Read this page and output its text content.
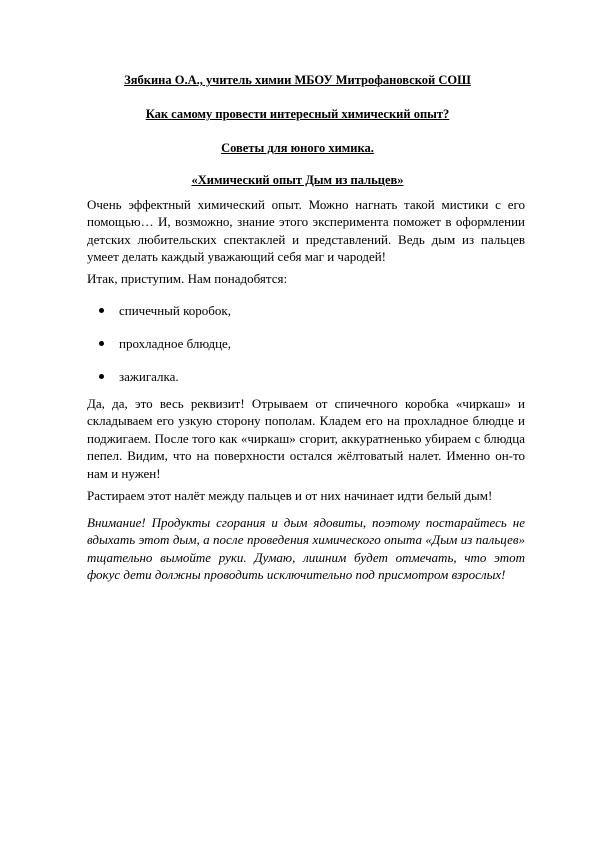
Зябкина О.А., учитель химии МБОУ Митрофановской СОШ

Как самому провести интересный химический опыт?

Советы для юного химика.

«Химический опыт Дым из пальцев»

Очень эффектный химический опыт. Можно нагнать такой мистики с его помощью… И, возможно, знание этого эксперимента поможет в оформлении детских любительских спектаклей и представлений. Ведь дым из пальцев умеет делать каждый уважающий себя маг и чародей!

Итак, приступим. Нам понадобятся:

спичечный коробок,
прохладное блюдце,
зажигалка.

Да, да, это весь реквизит! Отрываем от спичечного коробка «чиркаш» и складываем его узкую сторону пополам. Кладем его на прохладное блюдце и поджигаем. После того как «чиркаш» сгорит, аккуратненько убираем с блюдца пепел. Видим, что на поверхности остался жёлтоватый налет. Именно он-то нам и нужен!

Растираем этот налёт между пальцев и от них начинает идти белый дым!

Внимание! Продукты сгорания и дым ядовиты, поэтому постарайтесь не вдыхать этот дым, а после проведения химического опыта «Дым из пальцев» тщательно вымойте руки. Думаю, лишним будет отмечать, что этот фокус дети должны проводить исключительно под присмотром взрослых!
